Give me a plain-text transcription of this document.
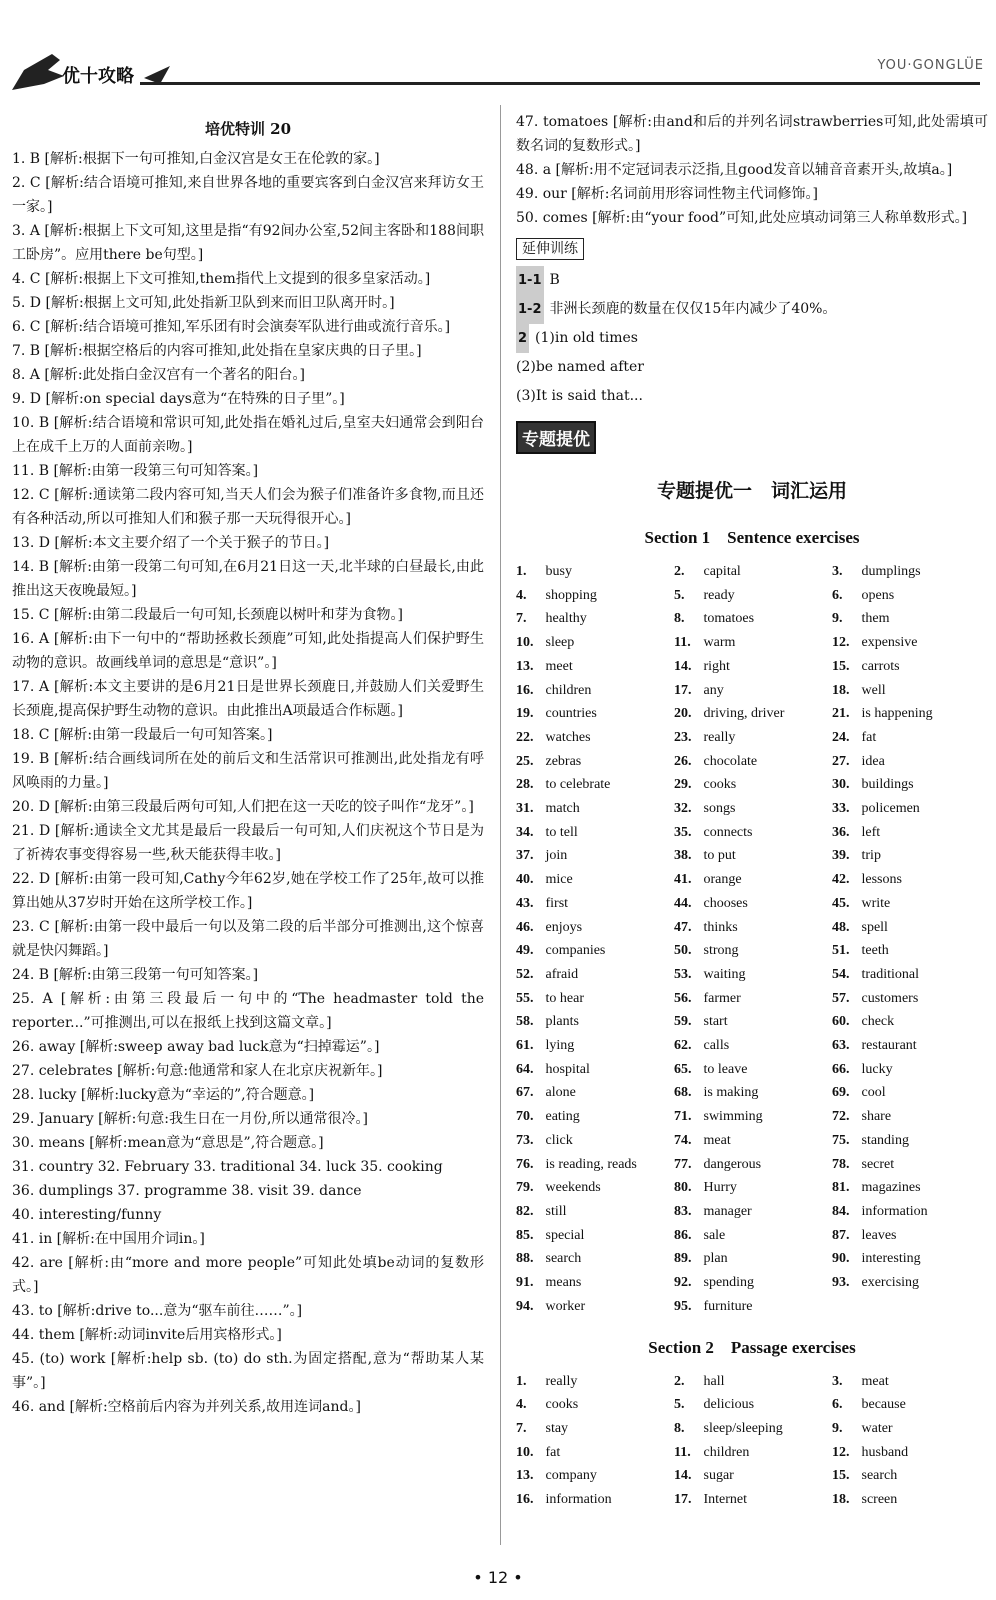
优十攻略
YOU·GONGLÜE
培优特训 20
1. B [解析:根据下一句可推知,白金汉宫是女王在伦敦的家。]
2. C [解析:结合语境可推知,来自世界各地的重要宾客到白金汉宫来拜访女王一家。]
3. A [解析:根据上下文可知,这里是指“有92间办公室,52间主客卧和188间职工卧房”。应用there be句型。]
4. C [解析:根据上下文可推知,them指代上文提到的很多皇家活动。]
5. D [解析:根据上文可知,此处指新卫队到来而旧卫队离开时。]
6. C [解析:结合语境可推知,军乐团有时会演奏军队进行曲或流行音乐。]
7. B [解析:根据空格后的内容可推知,此处指在皇家庆典的日子里。]
8. A [解析:此处指白金汉宫有一个著名的阳台。]
9. D [解析:on special days意为“在特殊的日子里”。]
10. B [解析:结合语境和常识可知,此处指在婚礼过后,皇室夫妇通常会到阳台上在成千上万的人面前亲吻。]
11. B [解析:由第一段第三句可知答案。]
12. C [解析:通读第二段内容可知,当天人们会为猴子们准备许多食物,而且还有各种活动,所以可推知人们和猴子那一天玩得很开心。]
13. D [解析:本文主要介绍了一个关于猴子的节日。]
14. B [解析:由第一段第二句可知,在6月21日这一天,北半球的白昼最长,由此推出这天夜晚最短。]
15. C [解析:由第二段最后一句可知,长颈鹿以树叶和芽为食物。]
16. A [解析:由下一句中的“帮助拯救长颈鹿”可知,此处指提高人们保护野生动物的意识。故画线单词的意思是“意识”。]
17. A [解析:本文主要讲的是6月21日是世界长颈鹿日,并鼓励人们关爱野生长颈鹿,提高保护野生动物的意识。由此推出A项最适合作标题。]
18. C [解析:由第一段最后一句可知答案。]
19. B [解析:结合画线词所在处的前后文和生活常识可推测出,此处指龙有呼风唤雨的力量。]
20. D [解析:由第三段最后两句可知,人们把在这一天吃的饺子叫作“龙牙”。]
21. D [解析:通读全文尤其是最后一段最后一句可知,人们庆祝这个节日是为了祈祷农事变得容易一些,秋天能获得丰收。]
22. D [解析:由第一段可知,Cathy今年62岁,她在学校工作了25年,故可以推算出她从37岁时开始在这所学校工作。]
23. C [解析:由第一段中最后一句以及第二段的后半部分可推测出,这个惊喜就是快闪舞蹈。]
24. B [解析:由第三段第一句可知答案。]
25. A [解析:由第三段最后一句中的“The headmaster told the reporter...”可推测出,可以在报纸上找到这篇文章。]
26. away [解析:sweep away bad luck意为“扫掉霉运”。]
27. celebrates [解析:句意:他通常和家人在北京庆祝新年。]
28. lucky [解析:lucky意为“幸运的”,符合题意。]
29. January [解析:句意:我生日在一月份,所以通常很冷。]
30. means [解析:mean意为“意思是”,符合题意。]
31. country 32. February 33. traditional 34. luck 35. cooking
36. dumplings 37. programme 38. visit 39. dance
40. interesting/funny
41. in [解析:在中国用介词in。]
42. are [解析:由“more and more people”可知此处填be动词的复数形式。]
43. to [解析:drive to...意为“驱车前往……”。]
44. them [解析:动词invite后用宾格形式。]
45. (to) work [解析:help sb. (to) do sth.为固定搭配,意为“帮助某人某事”。]
46. and [解析:空格前后内容为并列关系,故用连词and。]
47. tomatoes [解析:由and和后的并列名词strawberries可知,此处需填可数名词的复数形式。]
48. a [解析:用不定冠词表示泛指,且good发音以辅音音素开头,故填a。]
49. our [解析:名词前用形容词性物主代词修饰。]
50. comes [解析:由“your food”可知,此处应填动词第三人称单数形式。]
延伸训练
1-1 B
1-2 非洲长颈鹿的数量在仅仅15年内减少了40%。
2 (1)in old times
(2)be named after
(3)It is said that...
专题提优
专题提优一　词汇运用
Section 1　Sentence exercises
1. busy	2. capital	3. dumplings
4. shopping	5. ready	6. opens
7. healthy	8. tomatoes	9. them
10. sleep	11. warm	12. expensive
13. meet	14. right	15. carrots
16. children	17. any	18. well
19. countries	20. driving, driver	21. is happening
22. watches	23. really	24. fat
25. zebras	26. chocolate	27. idea
28. to celebrate	29. cooks	30. buildings
31. match	32. songs	33. policemen
34. to tell	35. connects	36. left
37. join	38. to put	39. trip
40. mice	41. orange	42. lessons
43. first	44. chooses	45. write
46. enjoys	47. thinks	48. spell
49. companies	50. strong	51. teeth
52. afraid	53. waiting	54. traditional
55. to hear	56. farmer	57. customers
58. plants	59. start	60. check
61. lying	62. calls	63. restaurant
64. hospital	65. to leave	66. lucky
67. alone	68. is making	69. cool
70. eating	71. swimming	72. share
73. click	74. meat	75. standing
76. is reading, reads	77. dangerous	78. secret
79. weekends	80. Hurry	81. magazines
82. still	83. manager	84. information
85. special	86. sale	87. leaves
88. search	89. plan	90. interesting
91. means	92. spending	93. exercising
94. worker	95. furniture
Section 2　Passage exercises
1. really	2. hall	3. meat
4. cooks	5. delicious	6. because
7. stay	8. sleep/sleeping	9. water
10. fat	11. children	12. husband
13. company	14. sugar	15. search
16. information	17. Internet	18. screen
• 12 •
